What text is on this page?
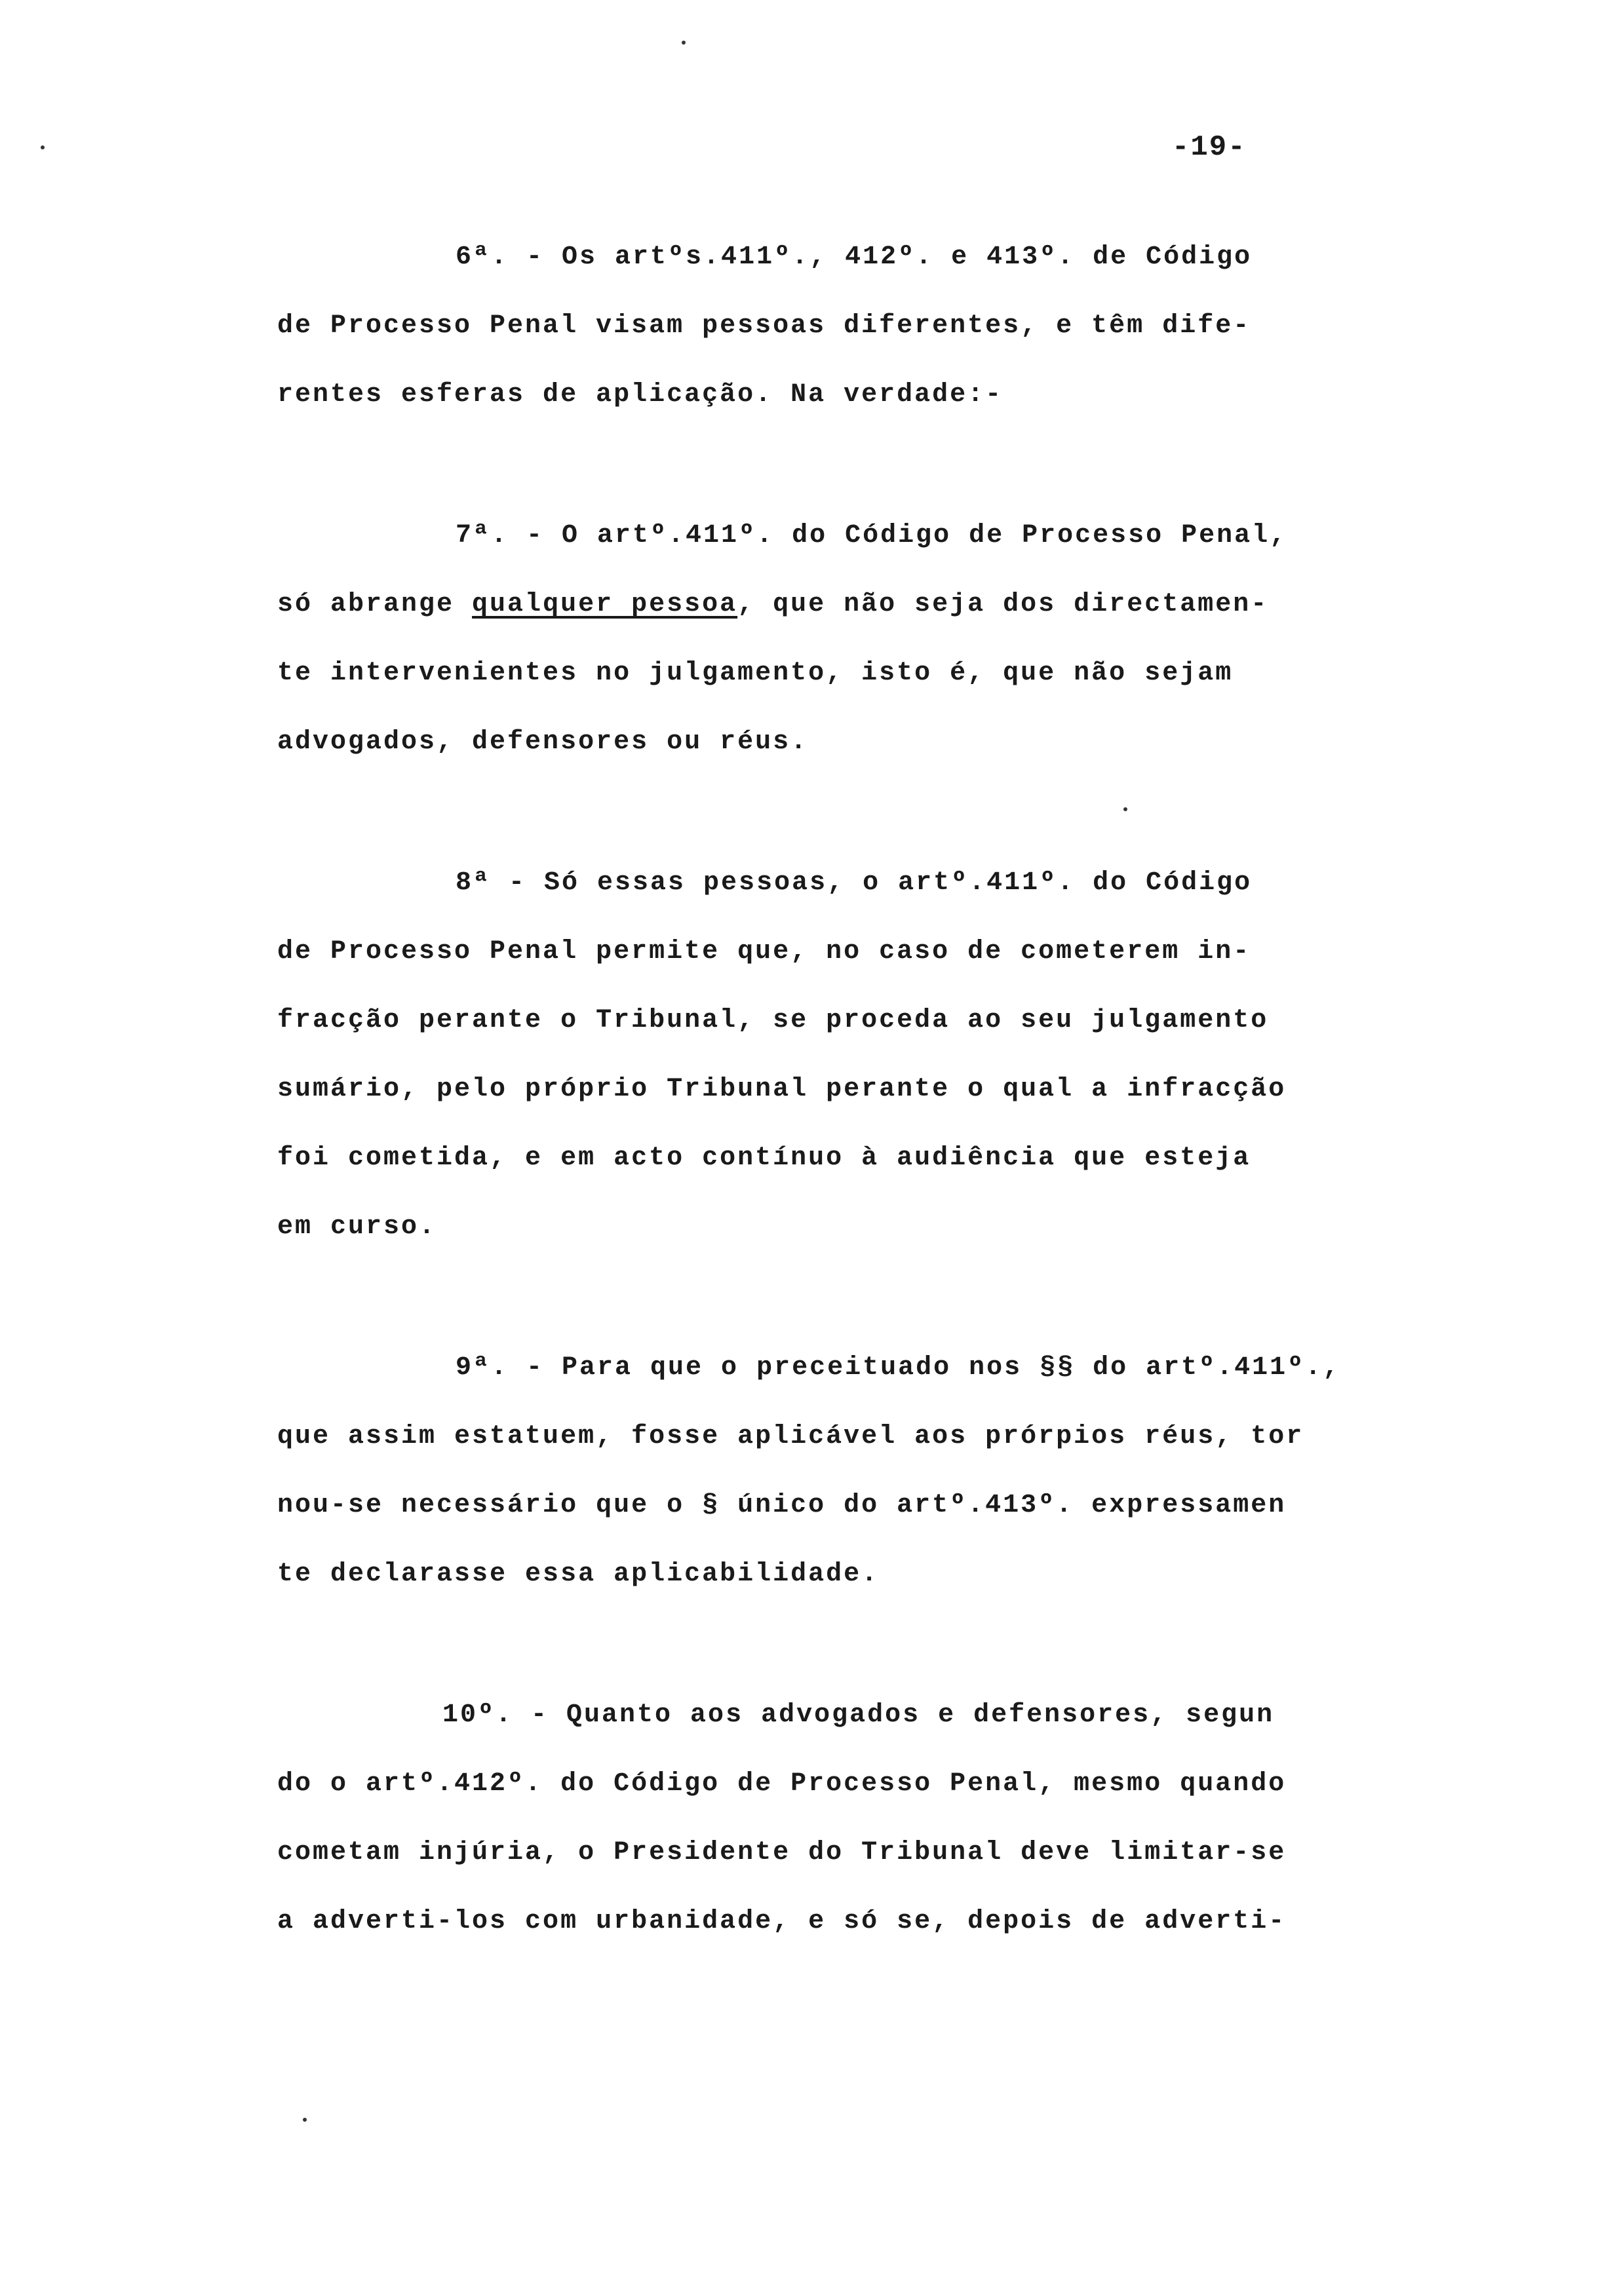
-19-
6ª. - Os artºs.411º., 412º. e 413º. de Código
de Processo Penal visam pessoas diferentes, e têm dife-
rentes esferas de aplicação. Na verdade:-
7ª. - O artº.411º. do Código de Processo Penal,
só abrange qualquer pessoa, que não seja dos directamen-
te intervenientes no julgamento, isto é, que não sejam
advogados, defensores ou réus.
8ª - Só essas pessoas, o artº.411º. do Código
de Processo Penal permite que, no caso de cometerem in-
fracção perante o Tribunal, se proceda ao seu julgamento
sumário, pelo próprio Tribunal perante o qual a infracção
foi cometida, e em acto contínuo à audiência que esteja
em curso.
9ª. - Para que o preceituado nos §§ do artº.411º.,
que assim estatuem, fosse aplicável aos prórpios réus, tor
nou-se necessário que o § único do artº.413º. expressamen
te declarasse essa aplicabilidade.
10º. - Quanto aos advogados e defensores, segun
do o artº.412º. do Código de Processo Penal, mesmo quando
cometam injúria, o Presidente do Tribunal deve limitar-se
a adverti-los com urbanidade, e só se, depois de adverti-
